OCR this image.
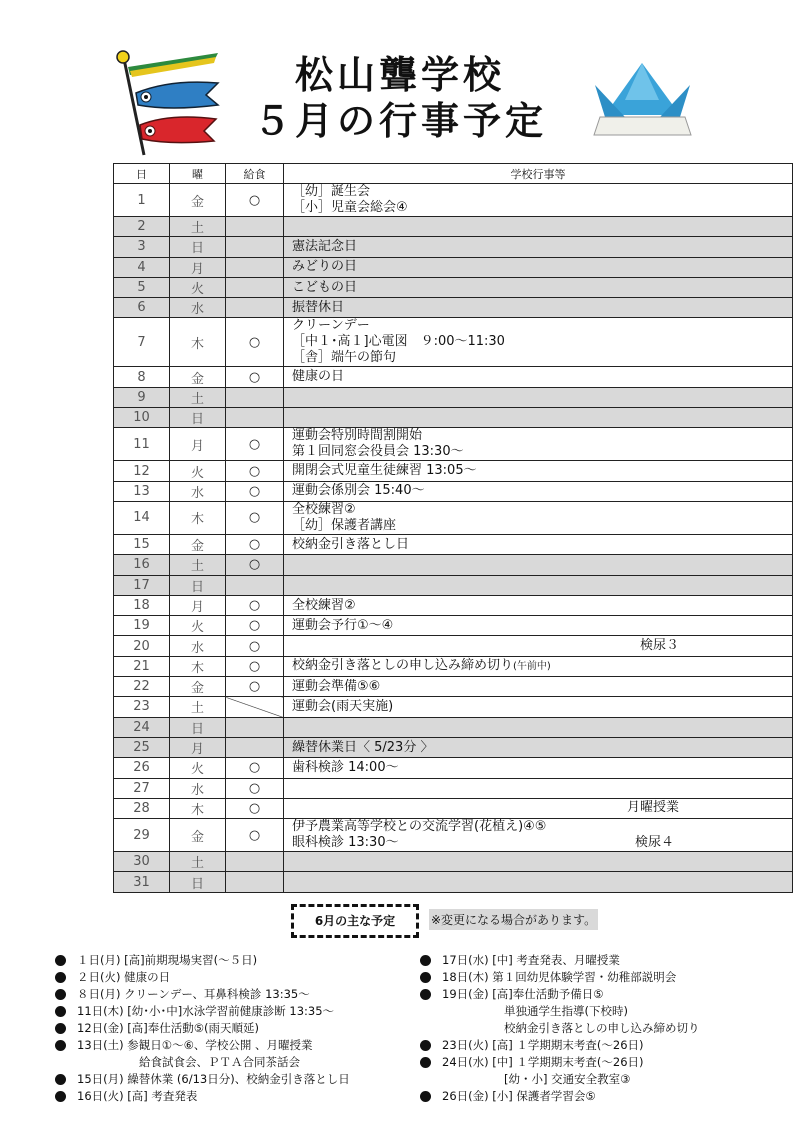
松山聾学校
５月の行事予定
日	曜	給食	学校行事等
1	金	○	［幼］誕生会
［小］児童会総会④

2	土		
3	日		憲法記念日

4	月		みどりの日

5	火		こどもの日

6	水		振替休日

7	木	○	クリーンデー
［中１･高１]心電図　９:00～11:30
［舎］端午の節句

8	金	○	健康の日

9	土		
10	日		
11	月	○	運動会特別時間割開始
第１回同窓会役員会 13:30～

12	火	○	開閉会式児童生徒練習 13:05～

13	水	○	運動会係別会 15:40～

14	木	○	全校練習②
［幼］保護者講座

15	金	○	校納金引き落とし日

16	土	○	
17	日		
18	月	○	全校練習②

19	火	○	運動会予行①～④

20	水	○	検尿３

21	木	○	校納金引き落としの申し込み締め切り(午前中)

22	金	○	運動会準備⑤⑥

23	土		運動会(雨天実施)

24	日		
25	月		繰替休業日〈 5/23分 〉

26	火	○	歯科検診 14:00～

27	水	○	
28	木	○	月曜授業

29	金	○	伊予農業高等学校との交流学習(花植え)④⑤
眼科検診 13:30～ 検尿４

30	土		
31	日		
6月の主な予定	※変更になる場合があります。
１日(月) [高]前期現場実習(～５日)
２日(火) 健康の日
８日(月) クリーンデー、耳鼻科検診 13:35～
11日(木) [幼･小･中]水泳学習前健康診断 13:35～
12日(金) [高]奉仕活動⑤(雨天順延)
13日(土) 参観日①～⑥、学校公開 、月曜授業
給食試食会、ＰＴＡ合同茶話会
15日(月) 繰替休業 (6/13日分)、校納金引き落とし日
16日(火) [高] 考査発表
17日(水) [中] 考査発表、月曜授業
18日(木) 第１回幼児体験学習・幼稚部説明会
19日(金) [高]奉仕活動予備日⑤
単独通学生指導(下校時)
校納金引き落としの申し込み締め切り
23日(火) [高] １学期期末考査(～26日)
24日(水) [中] １学期期末考査(～26日)
[幼・小] 交通安全教室③
26日(金) [小] 保護者学習会⑤
